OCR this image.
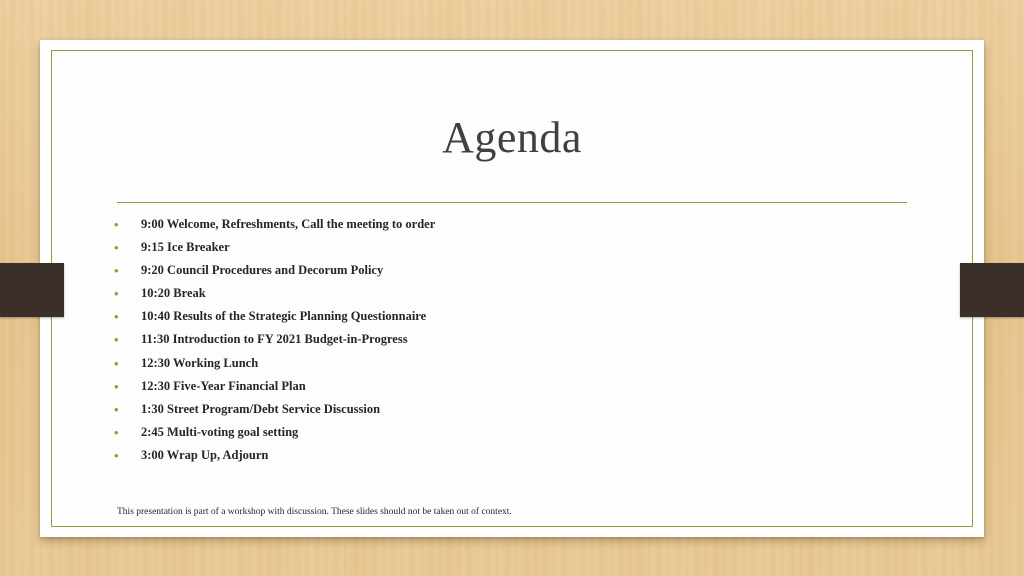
Agenda
• 9:00 Welcome, Refreshments, Call the meeting to order
• 9:15 Ice Breaker
• 9:20 Council Procedures and Decorum Policy
• 10:20 Break
• 10:40 Results of the Strategic Planning Questionnaire
• 11:30 Introduction to FY 2021 Budget-in-Progress
• 12:30 Working Lunch
• 12:30 Five-Year Financial Plan
• 1:30 Street Program/Debt Service Discussion
• 2:45 Multi-voting goal setting
• 3:00 Wrap Up, Adjourn
This presentation is part of a workshop with discussion. These slides should not be taken out of context.
